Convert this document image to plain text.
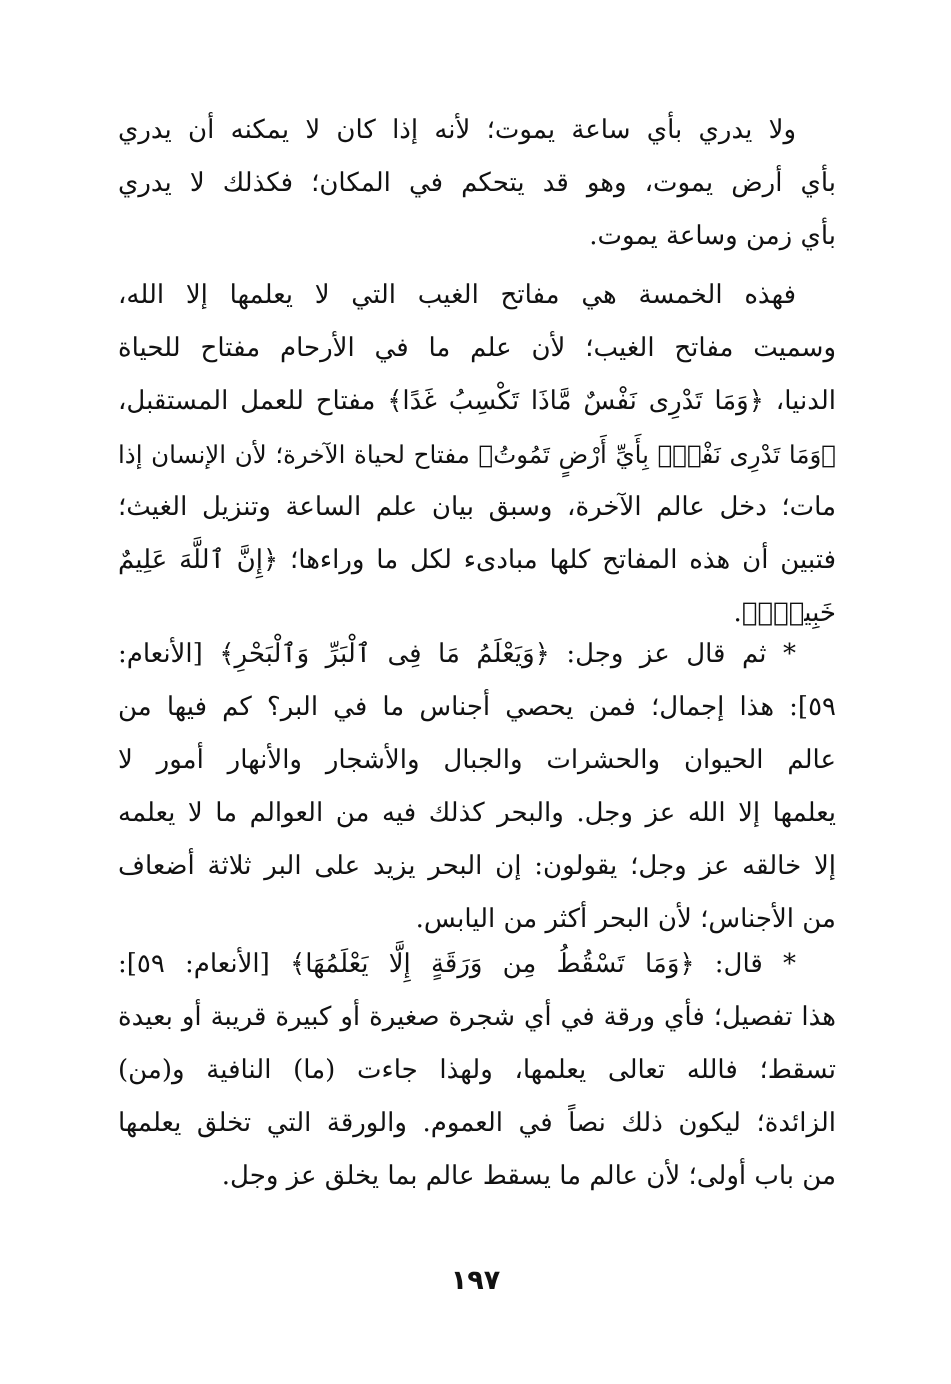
ولا يدري بأي ساعة يموت؛ لأنه إذا كان لا يمكنه أن يدري
بأي أرض يموت، وهو قد يتحكم في المكان؛ فكذلك لا يدري
بأي زمن وساعة يموت.
فهذه الخمسة هي مفاتح الغيب التي لا يعلمها إلا الله،
وسميت مفاتح الغيب؛ لأن علم ما في الأرحام مفتاح للحياة
الدنيا، ﴿وَمَا تَدْرِى نَفْسٌ مَّاذَا تَكْسِبُ غَدًا﴾ مفتاح للعمل المستقبل،
﴿وَمَا تَدْرِى نَفْسُۢ بِأَيِّ أَرْضٍ تَمُوتُ﴾ مفتاح لحياة الآخرة؛ لأن الإنسان إذا
مات؛ دخل عالم الآخرة، وسبق بيان علم الساعة وتنزيل الغيث؛
فتبين أن هذه المفاتح كلها مبادىء لكل ما وراءها؛ ﴿إِنَّ ٱللَّهَ عَلِيمٌ
خَبِيرٌۢ﴾.
* ثم قال عز وجل: ﴿وَيَعْلَمُ مَا فِى ٱلْبَرِّ وَٱلْبَحْرِ﴾ [الأنعام:
٥٩]: هذا إجمال؛ فمن يحصي أجناس ما في البر؟ كم فيها من
عالم الحيوان والحشرات والجبال والأشجار والأنهار أمور لا
يعلمها إلا الله عز وجل. والبحر كذلك فيه من العوالم ما لا يعلمه
إلا خالقه عز وجل؛ يقولون: إن البحر يزيد على البر ثلاثة أضعاف
من الأجناس؛ لأن البحر أكثر من اليابس.
* قال: ﴿وَمَا تَسْقُطُ مِن وَرَقَةٍ إِلَّا يَعْلَمُهَا﴾ [الأنعام: ٥٩]:
هذا تفصيل؛ فأي ورقة في أي شجرة صغيرة أو كبيرة قريبة أو بعيدة
تسقط؛ فالله تعالى يعلمها، ولهذا جاءت (ما) النافية و(من)
الزائدة؛ ليكون ذلك نصاً في العموم. والورقة التي تخلق يعلمها
من باب أولى؛ لأن عالم ما يسقط عالم بما يخلق عز وجل.
١٩٧
